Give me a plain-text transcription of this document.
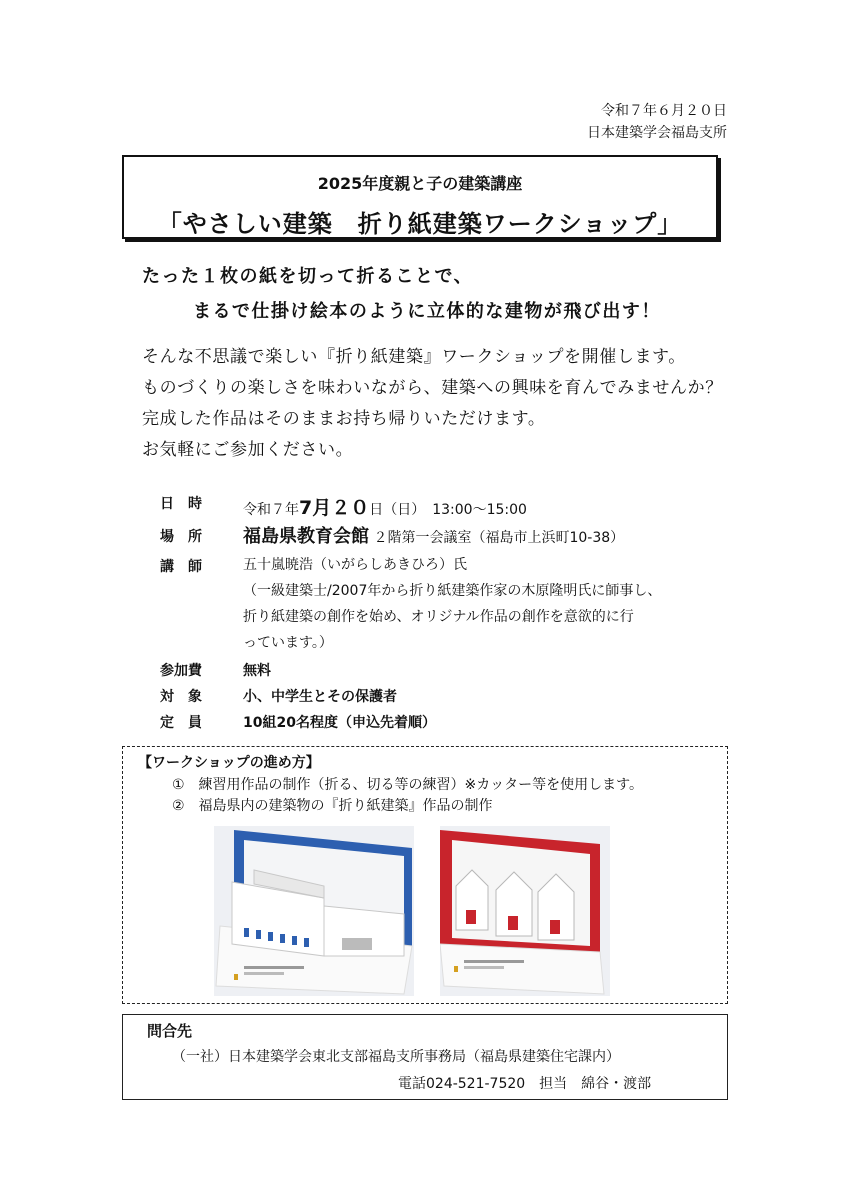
令和７年６月２０日
日本建築学会福島支所
2025年度親と子の建築講座
「やさしい建築　折り紙建築ワークショップ」
たった１枚の紙を切って折ることで、
まるで仕掛け絵本のように立体的な建物が飛び出す！
そんな不思議で楽しい『折り紙建築』ワークショップを開催します。
ものづくりの楽しさを味わいながら、建築への興味を育んでみませんか？
完成した作品はそのままお持ち帰りいただけます。
お気軽にご参加ください。
日時	令和７年7月２０日（日）　13:00～15:00
場所	福島県教育会館 ２階第一会議室（福島市上浜町10-38）
講師	五十嵐暁浩（いがらしあきひろ）氏
（一級建築士/2007年から折り紙建築作家の木原隆明氏に師事し、
折り紙建築の創作を始め、オリジナル作品の創作を意欲的に行
っています。）
参加費	無料
対象	小、中学生とその保護者
定員	10組20名程度（申込先着順）
【ワークショップの進め方】
①　練習用作品の制作（折る、切る等の練習）※カッター等を使用します。
②　福島県内の建築物の『折り紙建築』作品の制作
問合先
（一社）日本建築学会東北支部福島支所事務局（福島県建築住宅課内）
電話024-521-7520　担当　綿谷・渡部
